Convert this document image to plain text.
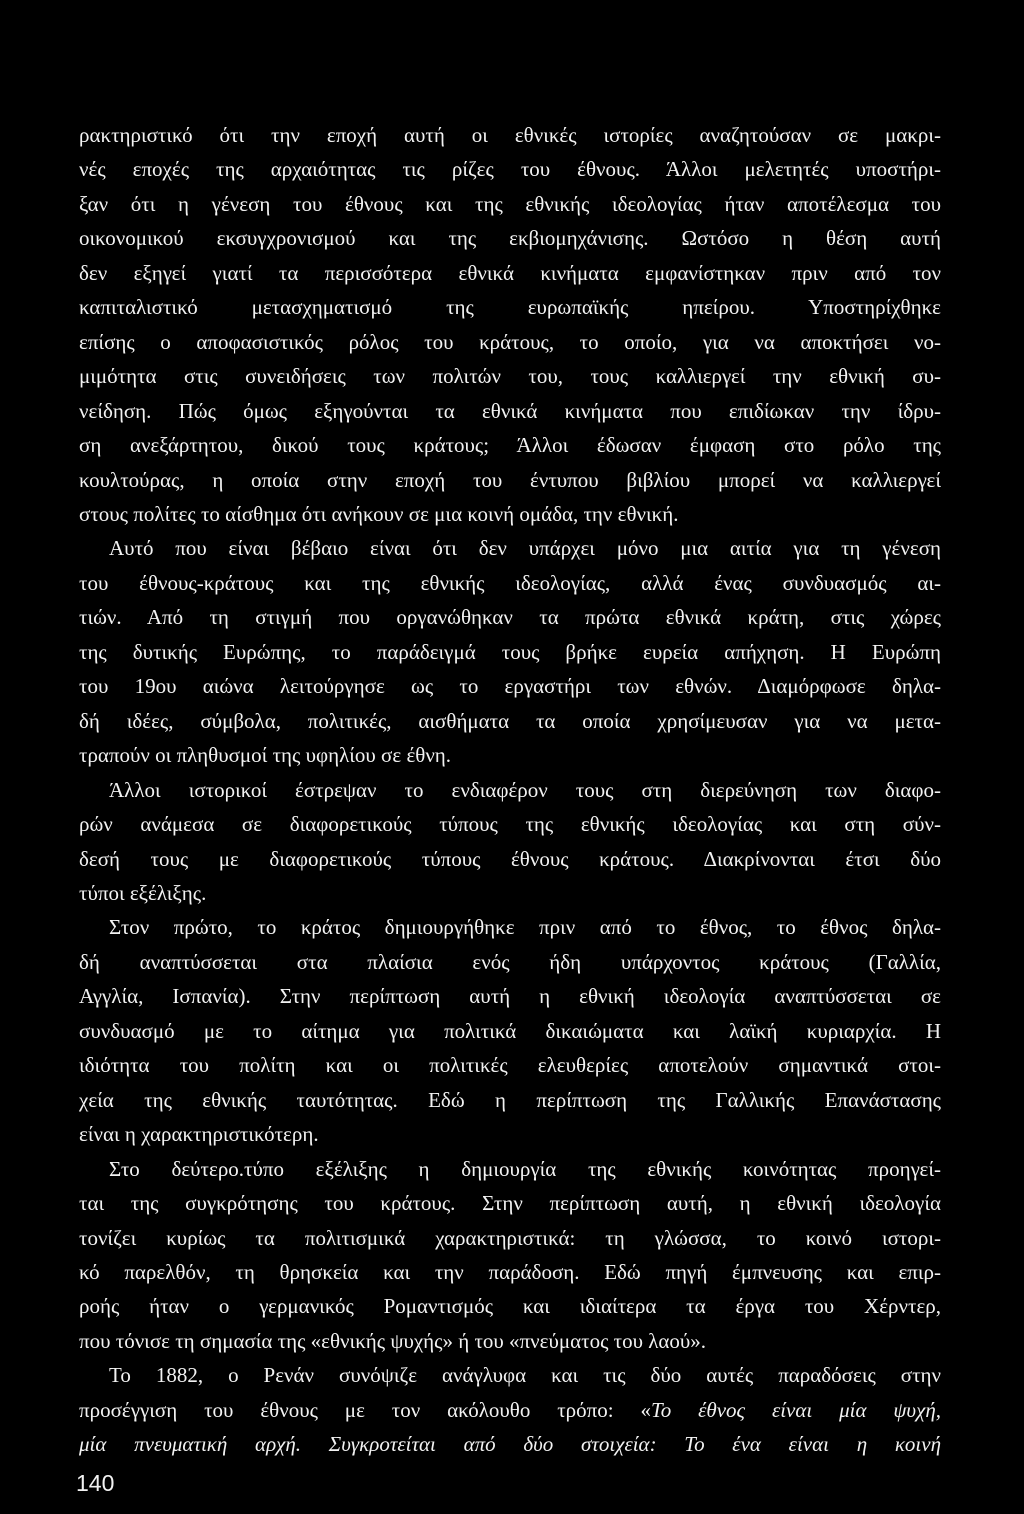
ρακτηριστικό ότι την εποχή αυτή οι εθνικές ιστορίες αναζητούσαν σε μακρι-
νές εποχές της αρχαιότητας τις ρίζες του έθνους. Άλλοι μελετητές υποστήρι-
ξαν ότι η γένεση του έθνους και της εθνικής ιδεολογίας ήταν αποτέλεσμα του
οικονομικού εκσυγχρονισμού και της εκβιομηχάνισης. Ωστόσο η θέση αυτή
δεν εξηγεί γιατί τα περισσότερα εθνικά κινήματα εμφανίστηκαν πριν από τον
καπιταλιστικό μετασχηματισμό της ευρωπαϊκής ηπείρου. Υποστηρίχθηκε
επίσης ο αποφασιστικός ρόλος του κράτους, το οποίο, για να αποκτήσει νο-
μιμότητα στις συνειδήσεις των πολιτών του, τους καλλιεργεί την εθνική συ-
νείδηση. Πώς όμως εξηγούνται τα εθνικά κινήματα που επιδίωκαν την ίδρυ-
ση ανεξάρτητου, δικού τους κράτους; Άλλοι έδωσαν έμφαση στο ρόλο της
κουλτούρας, η οποία στην εποχή του έντυπου βιβλίου μπορεί να καλλιεργεί
στους πολίτες το αίσθημα ότι ανήκουν σε μια κοινή ομάδα, την εθνική.
Αυτό που είναι βέβαιο είναι ότι δεν υπάρχει μόνο μια αιτία για τη γένεση
του έθνους-κράτους και της εθνικής ιδεολογίας, αλλά ένας συνδυασμός αι-
τιών. Από τη στιγμή που οργανώθηκαν τα πρώτα εθνικά κράτη, στις χώρες
της δυτικής Ευρώπης, το παράδειγμά τους βρήκε ευρεία απήχηση. Η Ευρώπη
του 19ου αιώνα λειτούργησε ως το εργαστήρι των εθνών. Διαμόρφωσε δηλα-
δή ιδέες, σύμβολα, πολιτικές, αισθήματα τα οποία χρησίμευσαν για να μετα-
τραπούν οι πληθυσμοί της υφηλίου σε έθνη.
Άλλοι ιστορικοί έστρεψαν το ενδιαφέρον τους στη διερεύνηση των διαφο-
ρών ανάμεσα σε διαφορετικούς τύπους της εθνικής ιδεολογίας και στη σύν-
δεσή τους με διαφορετικούς τύπους έθνους κράτους. Διακρίνονται έτσι δύο
τύποι εξέλιξης.
Στον πρώτο, το κράτος δημιουργήθηκε πριν από το έθνος, το έθνος δηλα-
δή αναπτύσσεται στα πλαίσια ενός ήδη υπάρχοντος κράτους (Γαλλία,
Αγγλία, Ισπανία). Στην περίπτωση αυτή η εθνική ιδεολογία αναπτύσσεται σε
συνδυασμό με το αίτημα για πολιτικά δικαιώματα και λαϊκή κυριαρχία. Η
ιδιότητα του πολίτη και οι πολιτικές ελευθερίες αποτελούν σημαντικά στοι-
χεία της εθνικής ταυτότητας. Εδώ η περίπτωση της Γαλλικής Επανάστασης
είναι η χαρακτηριστικότερη.
Στο δεύτερο.τύπο εξέλιξης η δημιουργία της εθνικής κοινότητας προηγεί-
ται της συγκρότησης του κράτους. Στην περίπτωση αυτή, η εθνική ιδεολογία
τονίζει κυρίως τα πολιτισμικά χαρακτηριστικά: τη γλώσσα, το κοινό ιστορι-
κό παρελθόν, τη θρησκεία και την παράδοση. Εδώ πηγή έμπνευσης και επιρ-
ροής ήταν ο γερμανικός Ρομαντισμός και ιδιαίτερα τα έργα του Χέρντερ,
που τόνισε τη σημασία της «εθνικής ψυχής» ή του «πνεύματος του λαού».
Το 1882, ο Ρενάν συνόψιζε ανάγλυφα και τις δύο αυτές παραδόσεις στην
προσέγγιση του έθνους με τον ακόλουθο τρόπο: «Το έθνος είναι μία ψυχή,
μία πνευματική αρχή. Συγκροτείται από δύο στοιχεία: Το ένα είναι η κοινή
140
